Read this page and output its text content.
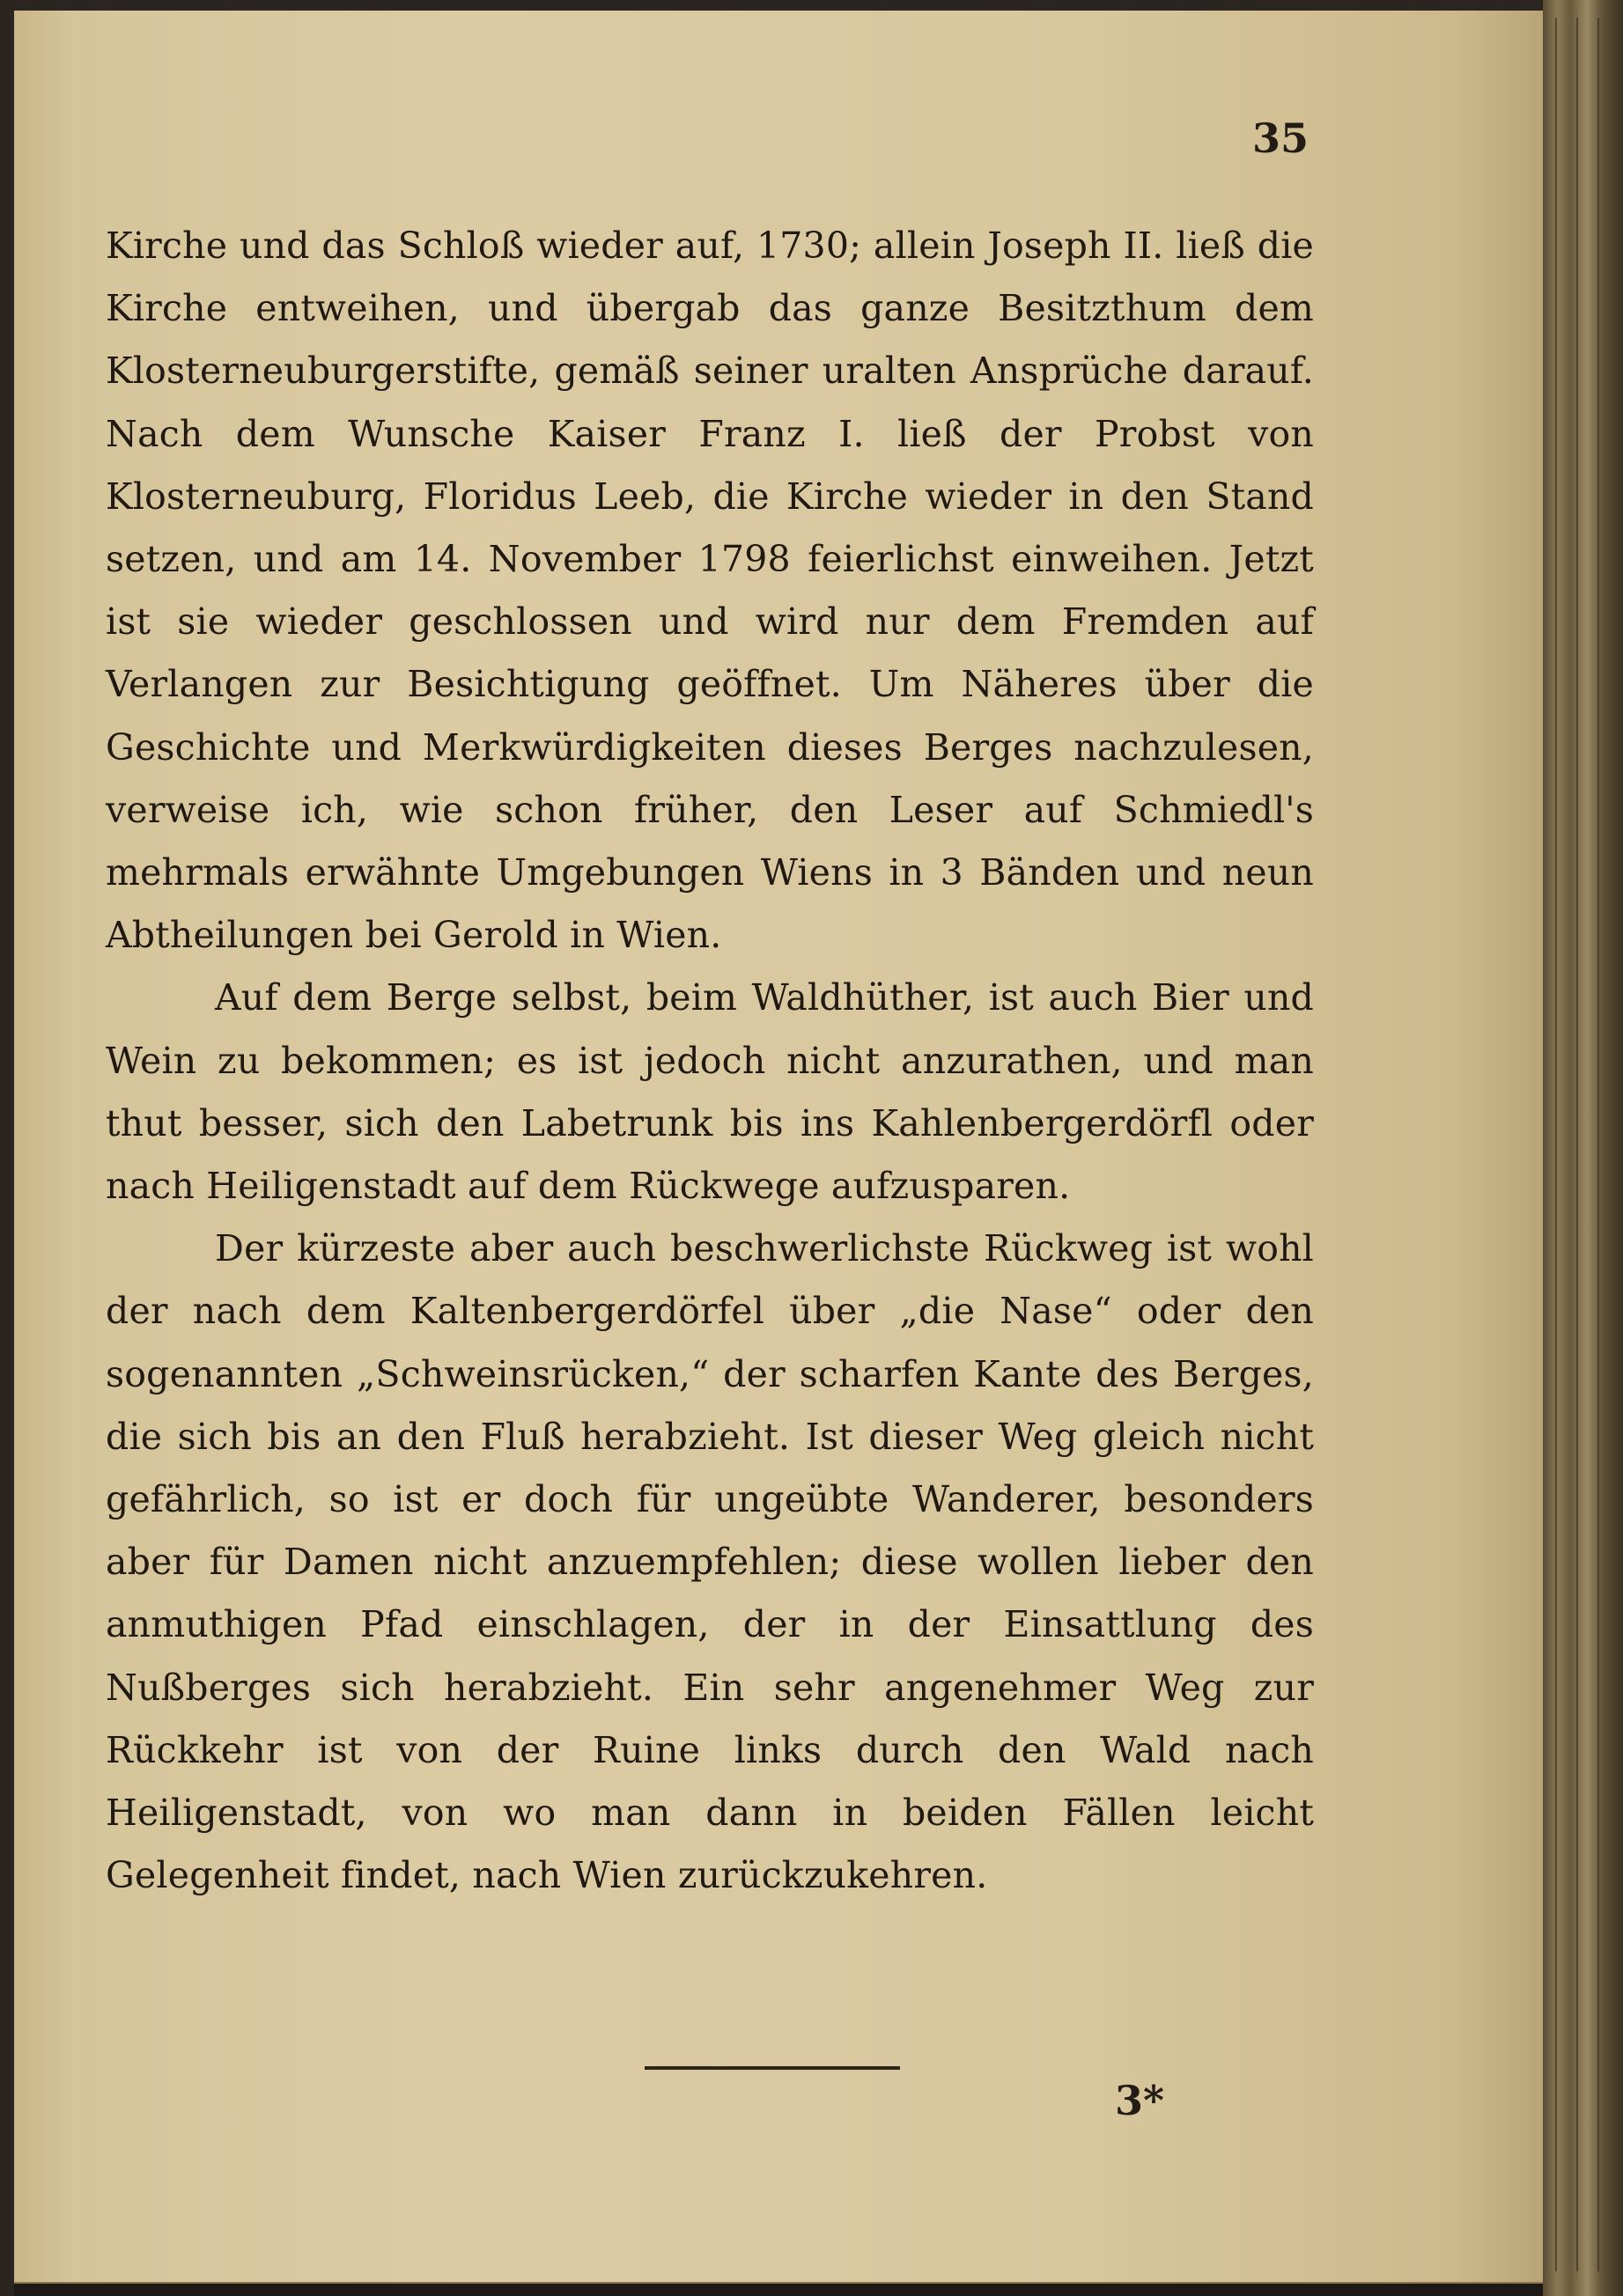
35

Kirche und das Schloß wieder auf, 1730; allein Joseph II. ließ die Kirche entweihen, und übergab das ganze Besitzthum dem Klosterneuburgerstifte, gemäß seiner uralten Ansprüche darauf. Nach dem Wunsche Kaiser Franz I. ließ der Probst von Klosterneuburg, Floridus Leeb, die Kirche wieder in den Stand setzen, und am 14. November 1798 feierlichst einweihen. Jetzt ist sie wieder geschlossen und wird nur dem Fremden auf Verlangen zur Besichtigung geöffnet. Um Näheres über die Geschichte und Merkwürdigkeiten dieses Berges nachzulesen, verweise ich, wie schon früher, den Leser auf Schmiedl's mehrmals erwähnte Umgebungen Wiens in 3 Bänden und neun Abtheilungen bei Gerold in Wien.

Auf dem Berge selbst, beim Waldhüther, ist auch Bier und Wein zu bekommen; es ist jedoch nicht anzurathen, und man thut besser, sich den Labetrunk bis ins Kahlenbergerdörfl oder nach Heiligenstadt auf dem Rückwege aufzusparen.

Der kürzeste aber auch beschwerlichste Rückweg ist wohl der nach dem Kaltenbergerdörfel über „die Nase“ oder den sogenannten „Schweinsrücken,“ der scharfen Kante des Berges, die sich bis an den Fluß herabzieht. Ist dieser Weg gleich nicht gefährlich, so ist er doch für ungeübte Wanderer, besonders aber für Damen nicht anzuempfehlen; diese wollen lieber den anmuthigen Pfad einschlagen, der in der Einsattlung des Nußberges sich herabzieht. Ein sehr angenehmer Weg zur Rückkehr ist von der Ruine links durch den Wald nach Heiligenstadt, von wo man dann in beiden Fällen leicht Gelegenheit findet, nach Wien zurückzukehren.

3*
